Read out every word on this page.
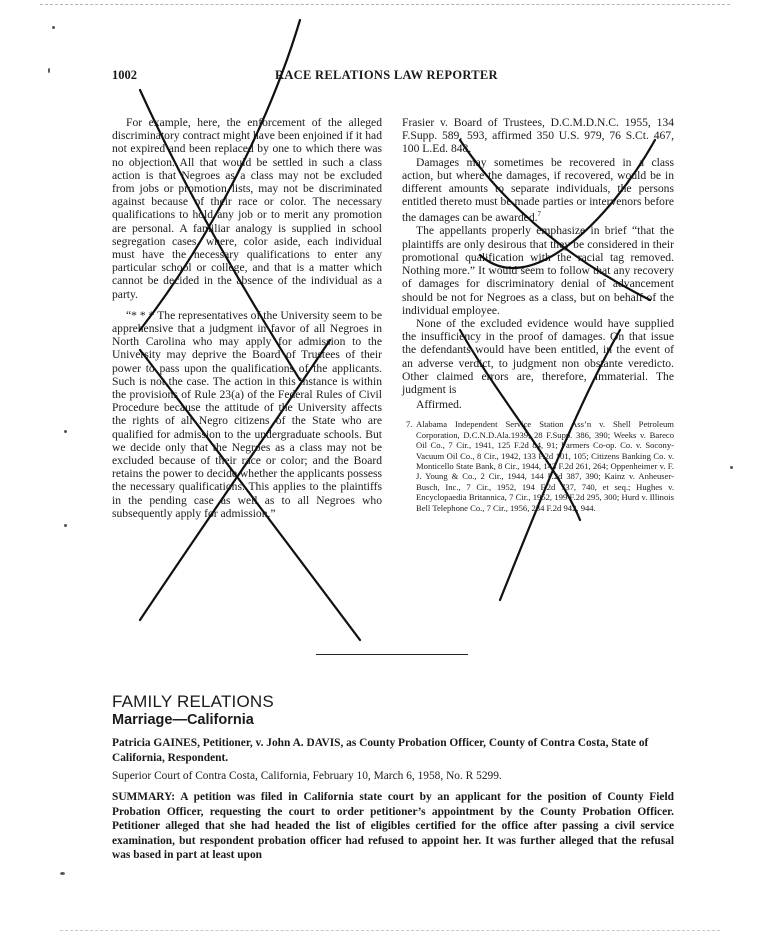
1002	RACE RELATIONS LAW REPORTER

For example, here, the enforcement of the alleged discriminatory contract might have been enjoined if it had not expired and been replaced by one to which there was no objection. All that would be settled in such a class action is that Negroes as a class may not be excluded from jobs or promotion lists, may not be discriminated against because of their race or color. The necessary qualifications to hold any job or to merit any promotion are personal. A familiar analogy is supplied in school segregation cases, where, color aside, each individual must have the necessary qualifications to enter any particular school or college, and that is a matter which cannot be decided in the absence of the individual as a party.

“* * * The representatives of the University seem to be apprehensive that a judgment in favor of all Negroes in North Carolina who may apply for admission to the University may deprive the Board of Trustees of their power to pass upon the qualifications of the applicants. Such is not the case. The action in this instance is within the provisions of Rule 23(a) of the Federal Rules of Civil Procedure because the attitude of the University affects the rights of all Negro citizens of the State who are qualified for admission to the undergraduate schools. But we decide only that the Negroes as a class may not be excluded because of their race or color; and the Board retains the power to decide whether the applicants possess the necessary qualifications. This applies to the plaintiffs in the pending case as well as to all Negroes who subsequently apply for admission.”

Frasier v. Board of Trustees, D.C.M.D.N.C. 1955, 134 F.Supp. 589, 593, affirmed 350 U.S. 979, 76 S.Ct. 467, 100 L.Ed. 848.

Damages may sometimes be recovered in a class action, but where the damages, if recovered, would be in different amounts to separate individuals, the persons entitled thereto must be made parties or intervenors before the damages can be awarded.$^7$

The appellants properly emphasize in brief “that the plaintiffs are only desirous that they be considered in their promotional qualification with the racial tag removed. Nothing more.” It would seem to follow that any recovery of damages for discriminatory denial of advancement should be not for Negroes as a class, but on behalf of the individual employee.

None of the excluded evidence would have supplied the insufficiency in the proof of damages. On that issue the defendants would have been entitled, in the event of an adverse verdict, to judgment non obstante veredicto. Other claimed errors are, therefore, immaterial. The judgment is

Affirmed.
7. Alabama Independent Service Station Ass’n v. Shell Petroleum Corporation, D.C.N.D.Ala.1939, 28 F.Supp. 386, 390; Weeks v. Bareco Oil Co., 7 Cir., 1941, 125 F.2d 84, 91; Farmers Co-op. Co. v. Socony-Vacuum Oil Co., 8 Cir., 1942, 133 F.2d 101, 105; Citizens Banking Co. v. Monticello State Bank, 8 Cir., 1944, 143 F.2d 261, 264; Oppenheimer v. F. J. Young & Co., 2 Cir., 1944, 144 F.2d 387, 390; Kainz v. Anheuser-Busch, Inc., 7 Cir., 1952, 194 F.2d 737, 740, et seq.; Hughes v. Encyclopaedia Britannica, 7 Cir., 1952, 199 F.2d 295, 300; Hurd v. Illinois Bell Telephone Co., 7 Cir., 1956, 234 F.2d 942, 944.
FAMILY RELATIONS
Marriage—California
Patricia GAINES, Petitioner, v. John A. DAVIS, as County Probation Officer, County of Contra Costa, State of California, Respondent.
Superior Court of Contra Costa, California, February 10, March 6, 1958, No. R 5299.
SUMMARY: A petition was filed in California state court by an applicant for the position of County Field Probation Officer, requesting the court to order petitioner’s appointment by the County Probation Officer. Petitioner alleged that she had headed the list of eligibles certified for the office after passing a civil service examination, but respondent probation officer had refused to appoint her. It was further alleged that the refusal was based in part at least upon
